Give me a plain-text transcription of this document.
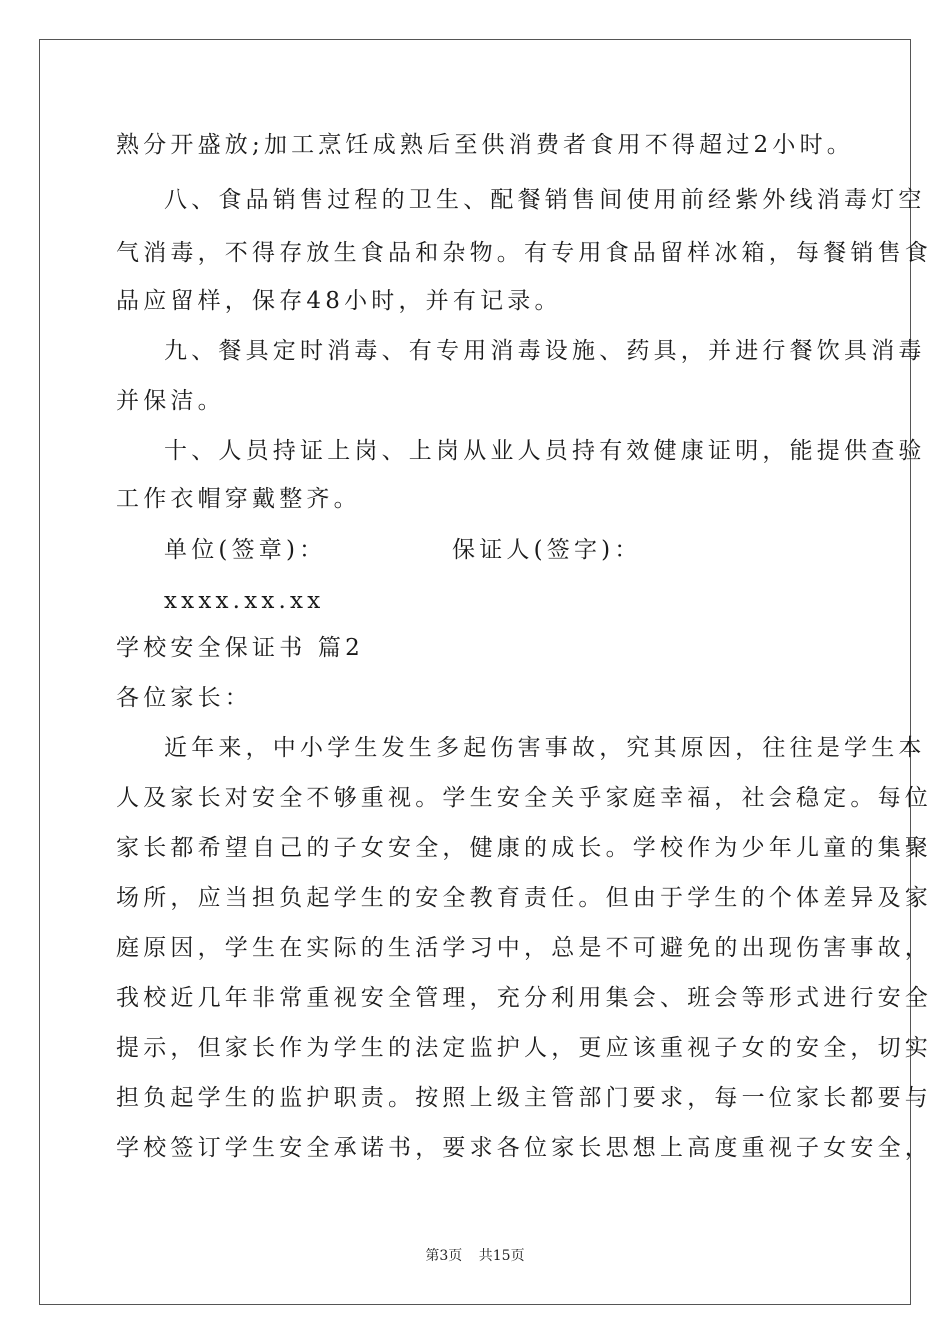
熟分开盛放;加工烹饪成熟后至供消费者食用不得超过2小时。
八、食品销售过程的卫生、配餐销售间使用前经紫外线消毒灯空
气消毒，不得存放生食品和杂物。有专用食品留样冰箱，每餐销售食
品应留样，保存48小时，并有记录。
九、餐具定时消毒、有专用消毒设施、药具，并进行餐饮具消毒
并保洁。
十、人员持证上岗、上岗从业人员持有效健康证明，能提供查验
工作衣帽穿戴整齐。
单位(签章)：	保证人(签字)：
xxxx.xx.xx
学校安全保证书 篇2
各位家长：
近年来，中小学生发生多起伤害事故，究其原因，往往是学生本
人及家长对安全不够重视。学生安全关乎家庭幸福，社会稳定。每位
家长都希望自己的子女安全，健康的成长。学校作为少年儿童的集聚
场所，应当担负起学生的安全教育责任。但由于学生的个体差异及家
庭原因，学生在实际的生活学习中，总是不可避免的出现伤害事故，
我校近几年非常重视安全管理，充分利用集会、班会等形式进行安全
提示，但家长作为学生的法定监护人，更应该重视子女的安全，切实
担负起学生的监护职责。按照上级主管部门要求，每一位家长都要与
学校签订学生安全承诺书，要求各位家长思想上高度重视子女安全，
第3页 共15页
